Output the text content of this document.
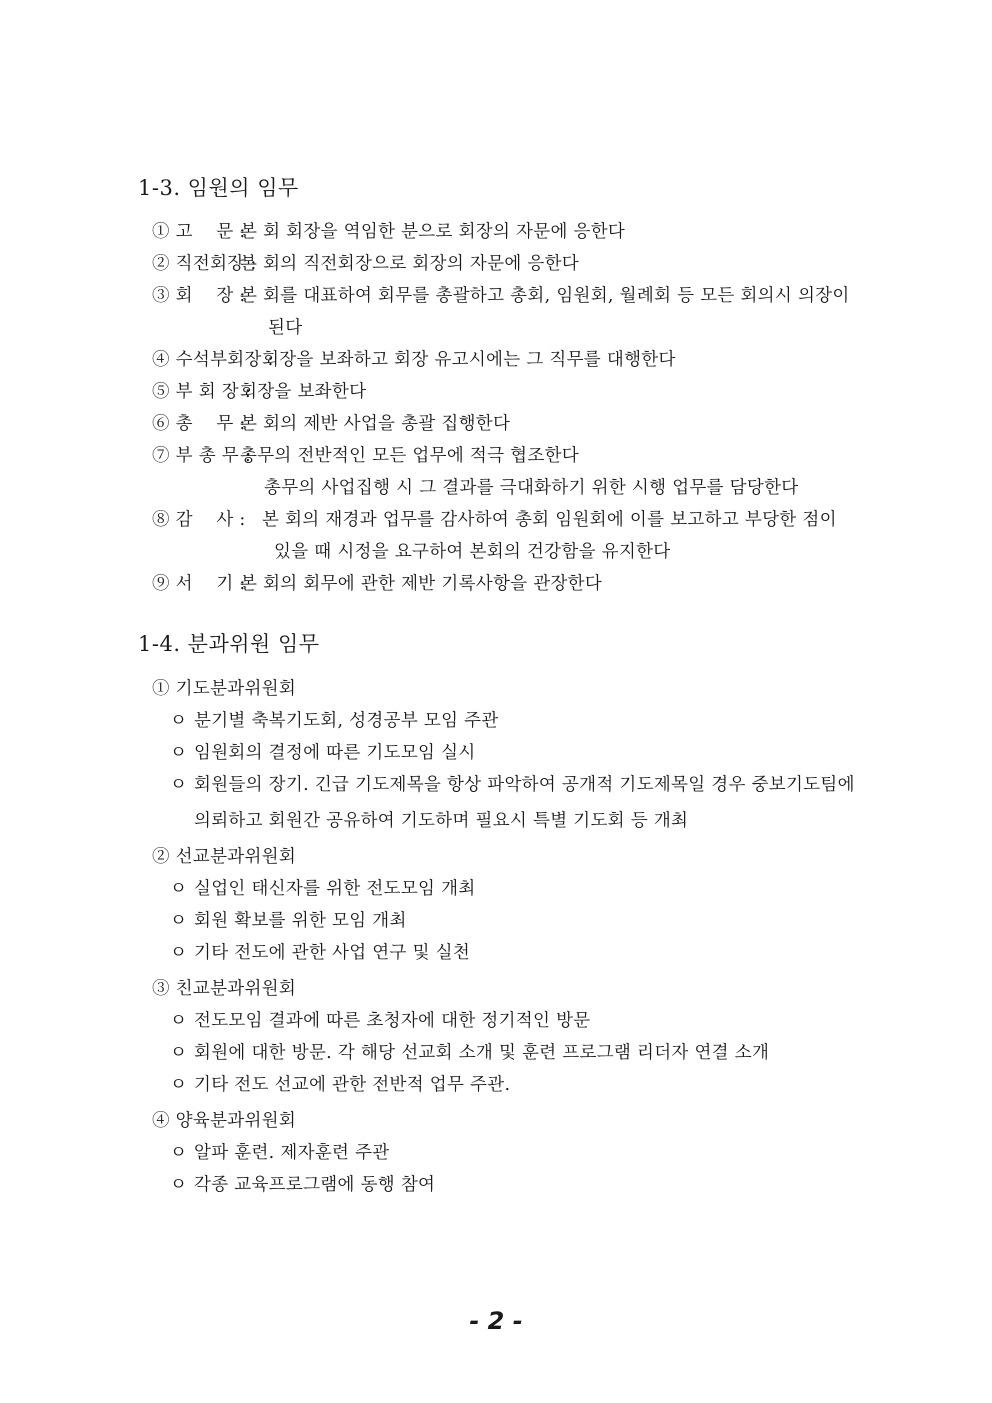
1-3. 임원의 임무
① 고    문 : 본 회 회장을 역임한 분으로 회장의 자문에 응한다
② 직전회장 : 본 회의 직전회장으로 회장의 자문에 응한다
③ 회    장 : 본 회를 대표하여 회무를 총괄하고 총회, 임원회, 월례회 등 모든 회의시 의장이
된다
④ 수석부회장 : 회장을 보좌하고 회장 유고시에는 그 직무를 대행한다
⑤ 부 회 장 : 회장을 보좌한다
⑥ 총    무 : 본 회의 제반 사업을 총괄 집행한다
⑦ 부 총 무 : 총무의 전반적인 모든 업무에 적극 협조한다
총무의 사업집행 시 그 결과를 극대화하기 위한 시행 업무를 담당한다
⑧ 감    사 : 본 회의 재경과 업무를 감사하여 총회 임원회에 이를 보고하고 부당한 점이
있을 때 시정을 요구하여 본회의 건강함을 유지한다
⑨ 서    기 : 본 회의 회무에 관한 제반 기록사항을 관장한다
1-4. 분과위원 임무
① 기도분과위원회
ㅇ 분기별 축복기도회, 성경공부 모임 주관
ㅇ 임원회의 결정에 따른 기도모임 실시
ㅇ 회원들의 장기. 긴급 기도제목을 항상 파악하여 공개적 기도제목일 경우 중보기도팀에
의뢰하고 회원간 공유하여 기도하며 필요시 특별 기도회 등 개최
② 선교분과위원회
ㅇ 실업인 태신자를 위한 전도모임 개최
ㅇ 회원 확보를 위한 모임 개최
ㅇ 기타 전도에 관한 사업 연구 및 실천
③ 친교분과위원회
ㅇ 전도모임 결과에 따른 초청자에 대한 정기적인 방문
ㅇ 회원에 대한 방문. 각 해당 선교회 소개 및 훈련 프로그램 리더자 연결 소개
ㅇ 기타 전도 선교에 관한 전반적 업무 주관.
④ 양육분과위원회
ㅇ 알파 훈련. 제자훈련 주관
ㅇ 각종 교육프로그램에 동행 참여
- 2 -
